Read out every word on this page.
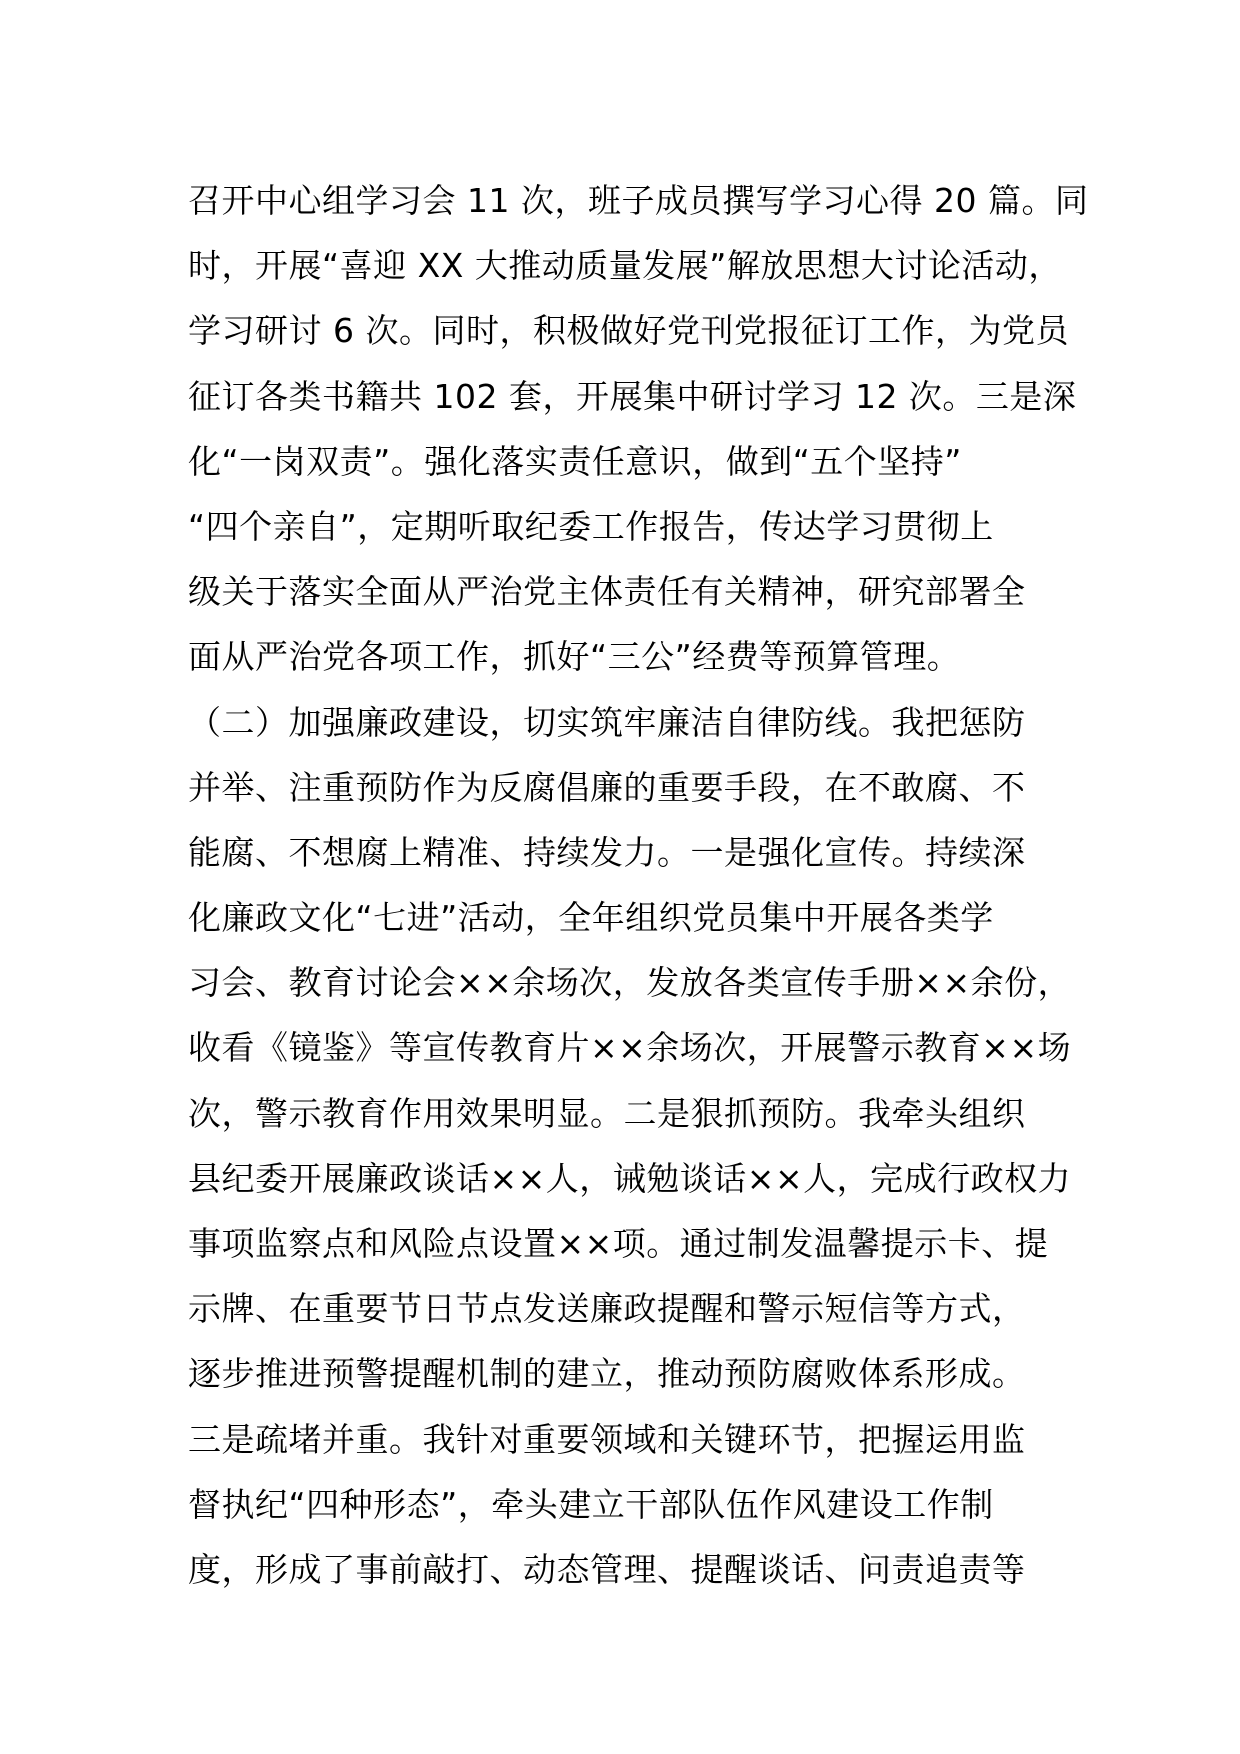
召开中心组学习会 11 次，班子成员撰写学习心得 20 篇。同
时，开展“喜迎 XX 大推动质量发展”解放思想大讨论活动，
学习研讨 6 次。同时，积极做好党刊党报征订工作，为党员
征订各类书籍共 102 套，开展集中研讨学习 12 次。三是深
化“一岗双责”。强化落实责任意识，做到“五个坚持”
“四个亲自”，定期听取纪委工作报告，传达学习贯彻上
级关于落实全面从严治党主体责任有关精神，研究部署全
面从严治党各项工作，抓好“三公”经费等预算管理。
（二）加强廉政建设，切实筑牢廉洁自律防线。我把惩防
并举、注重预防作为反腐倡廉的重要手段，在不敢腐、不
能腐、不想腐上精准、持续发力。一是强化宣传。持续深
化廉政文化“七进”活动，全年组织党员集中开展各类学
习会、教育讨论会××余场次，发放各类宣传手册××余份，
收看《镜鉴》等宣传教育片××余场次，开展警示教育××场
次，警示教育作用效果明显。二是狠抓预防。我牵头组织
县纪委开展廉政谈话××人，诫勉谈话××人，完成行政权力
事项监察点和风险点设置××项。通过制发温馨提示卡、提
示牌、在重要节日节点发送廉政提醒和警示短信等方式，
逐步推进预警提醒机制的建立，推动预防腐败体系形成。
三是疏堵并重。我针对重要领域和关键环节，把握运用监
督执纪“四种形态”，牵头建立干部队伍作风建设工作制
度，形成了事前敲打、动态管理、提醒谈话、问责追责等
